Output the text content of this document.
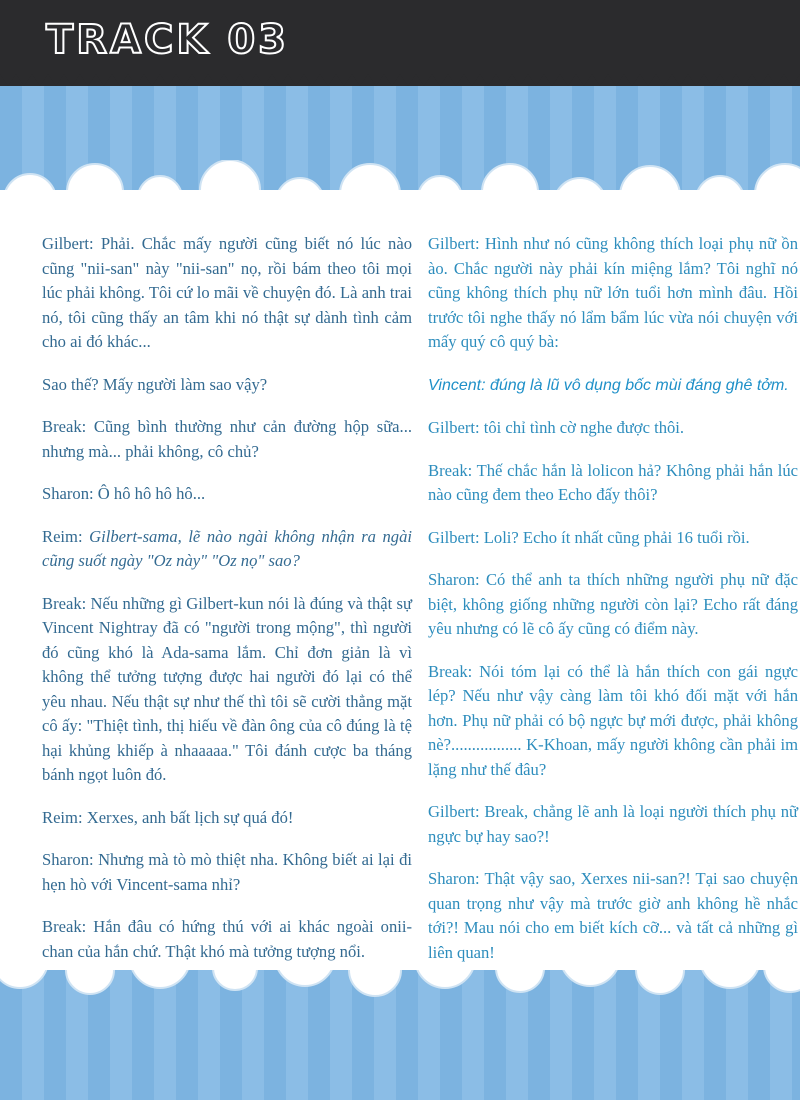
TRACK 03

Gilbert: Phải. Chắc mấy người cũng biết nó lúc nào cũng "nii-san" này "nii-san" nọ, rồi bám theo tôi mọi lúc phải không. Tôi cứ lo mãi về chuyện đó. Là anh trai nó, tôi cũng thấy an tâm khi nó thật sự dành tình cảm cho ai đó khác...

Sao thế? Mấy người làm sao vậy?

Break: Cũng bình thường như cản đường hộp sữa... nhưng mà... phải không, cô chủ?

Sharon: Ô hô hô hô hô...

Reim: Gilbert-sama, lẽ nào ngài không nhận ra ngài cũng suốt ngày "Oz này" "Oz nọ" sao?

Break: Nếu những gì Gilbert-kun nói là đúng và thật sự Vincent Nightray đã có "người trong mộng", thì người đó cũng khó là Ada-sama lắm. Chỉ đơn giản là vì không thể tưởng tượng được hai người đó lại có thể yêu nhau. Nếu thật sự như thế thì tôi sẽ cười thẳng mặt cô ấy: "Thiệt tình, thị hiếu về đàn ông của cô đúng là tệ hại khủng khiếp à nhaaaaa." Tôi đánh cược ba tháng bánh ngọt luôn đó.

Reim: Xerxes, anh bất lịch sự quá đó!

Sharon: Nhưng mà tò mò thiệt nha. Không biết ai lại đi hẹn hò với Vincent-sama nhỉ?

Break: Hắn đâu có hứng thú với ai khác ngoài onii-chan của hắn chứ. Thật khó mà tưởng tượng nổi.

Gilbert: Hình như nó cũng không thích loại phụ nữ ồn ào. Chắc người này phải kín miệng lắm? Tôi nghĩ nó cũng không thích phụ nữ lớn tuổi hơn mình đâu. Hồi trước tôi nghe thấy nó lẩm bẩm lúc vừa nói chuyện với mấy quý cô quý bà:

Vincent: đúng là lũ vô dụng bốc mùi đáng ghê tởm.

Gilbert: tôi chỉ tình cờ nghe được thôi.

Break: Thế chắc hắn là lolicon hả? Không phải hắn lúc nào cũng đem theo Echo đấy thôi?

Gilbert: Loli? Echo ít nhất cũng phải 16 tuổi rồi.

Sharon: Có thể anh ta thích những người phụ nữ đặc biệt, không giống những người còn lại? Echo rất đáng yêu nhưng có lẽ cô ấy cũng có điểm này.

Break: Nói tóm lại có thể là hắn thích con gái ngực lép? Nếu như vậy càng làm tôi khó đối mặt với hắn hơn. Phụ nữ phải có bộ ngực bự mới được, phải không nè?................. K-Khoan, mấy người không cần phải im lặng như thế đâu?

Gilbert: Break, chẳng lẽ anh là loại người thích phụ nữ ngực bự hay sao?!

Sharon: Thật vậy sao, Xerxes nii-san?! Tại sao chuyện quan trọng như vậy mà trước giờ anh không hề nhắc tới?! Mau nói cho em biết kích cỡ... và tất cả những gì liên quan!
